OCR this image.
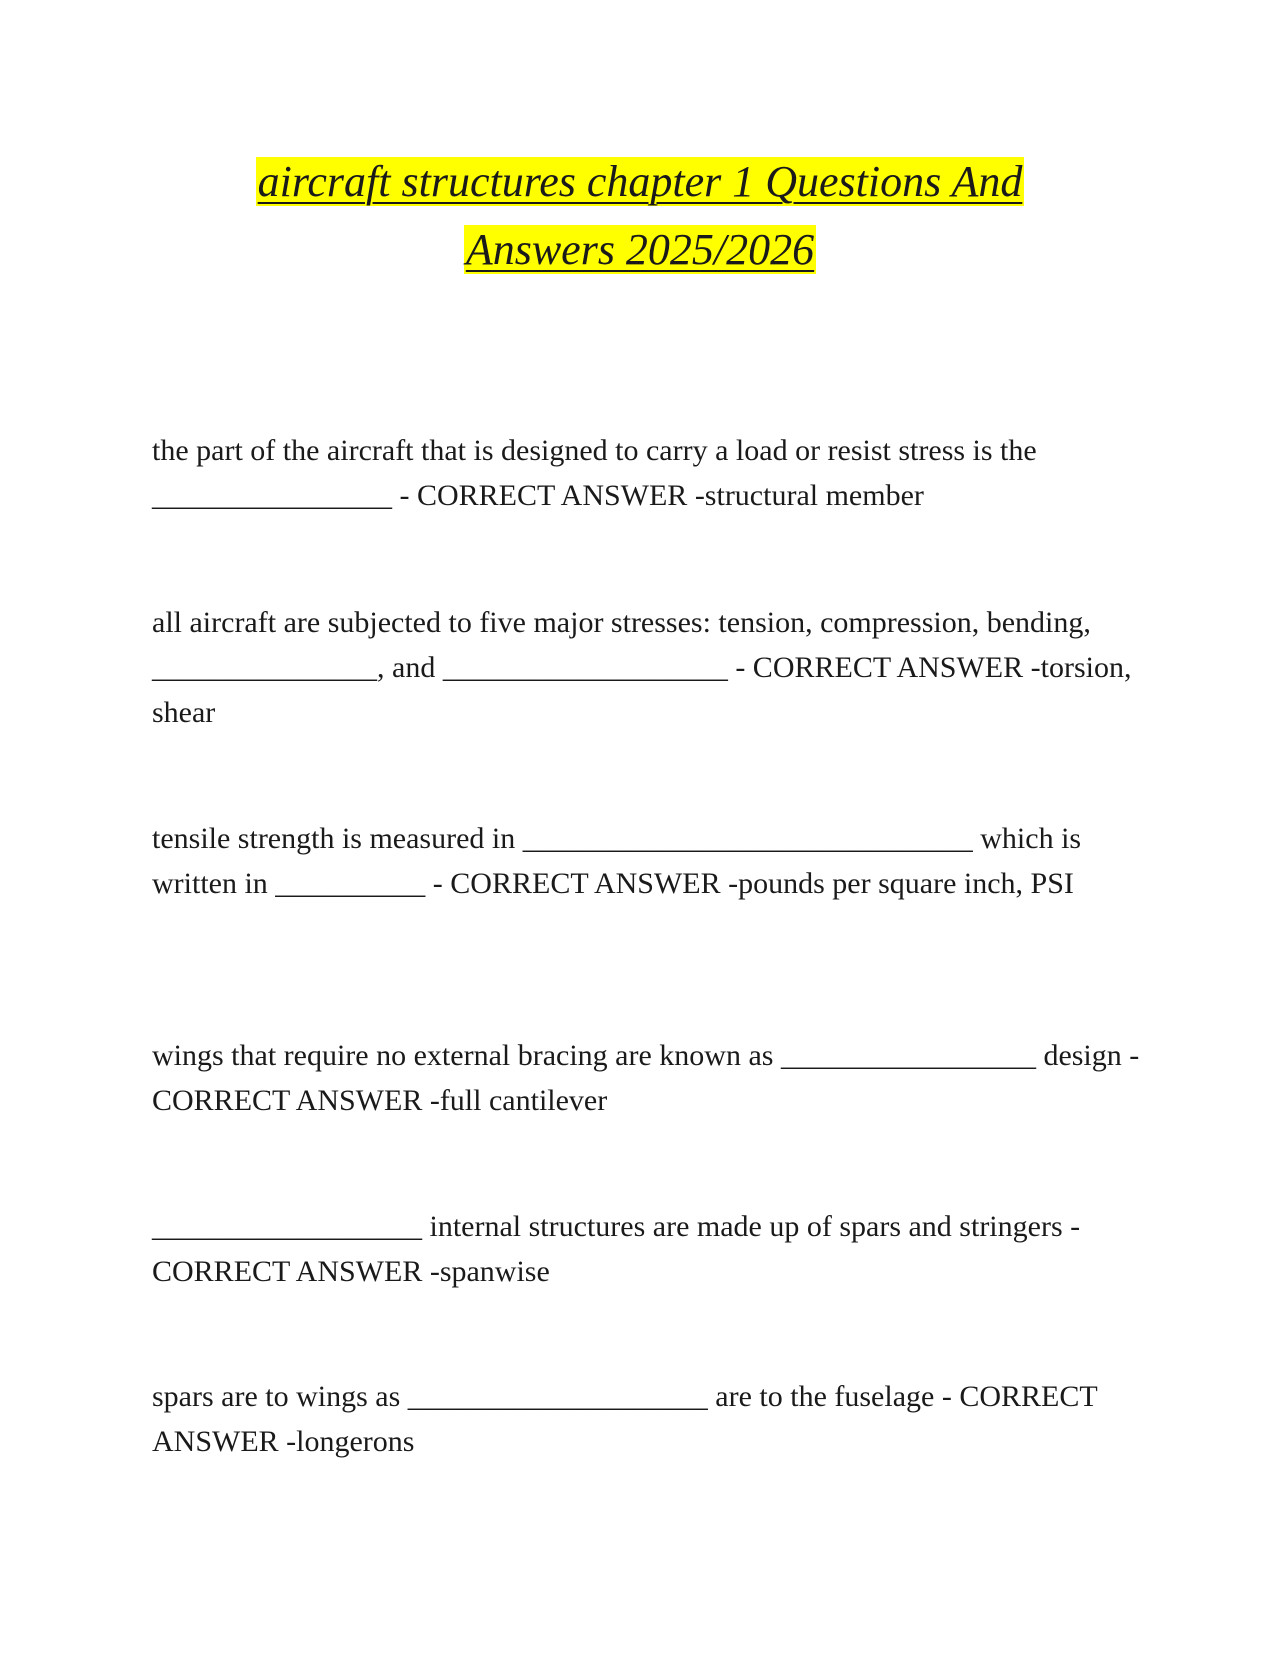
aircraft structures chapter 1 Questions And
Answers 2025/2026

the part of the aircraft that is designed to carry a load or resist stress is the ________________ - CORRECT ANSWER -structural member

all aircraft are subjected to five major stresses: tension, compression, bending, _______________, and ___________________ - CORRECT ANSWER -torsion, shear

tensile strength is measured in ______________________________ which is written in __________ - CORRECT ANSWER -pounds per square inch, PSI

wings that require no external bracing are known as _________________ design - CORRECT ANSWER -full cantilever

__________________ internal structures are made up of spars and stringers - CORRECT ANSWER -spanwise

spars are to wings as ____________________ are to the fuselage - CORRECT ANSWER -longerons
